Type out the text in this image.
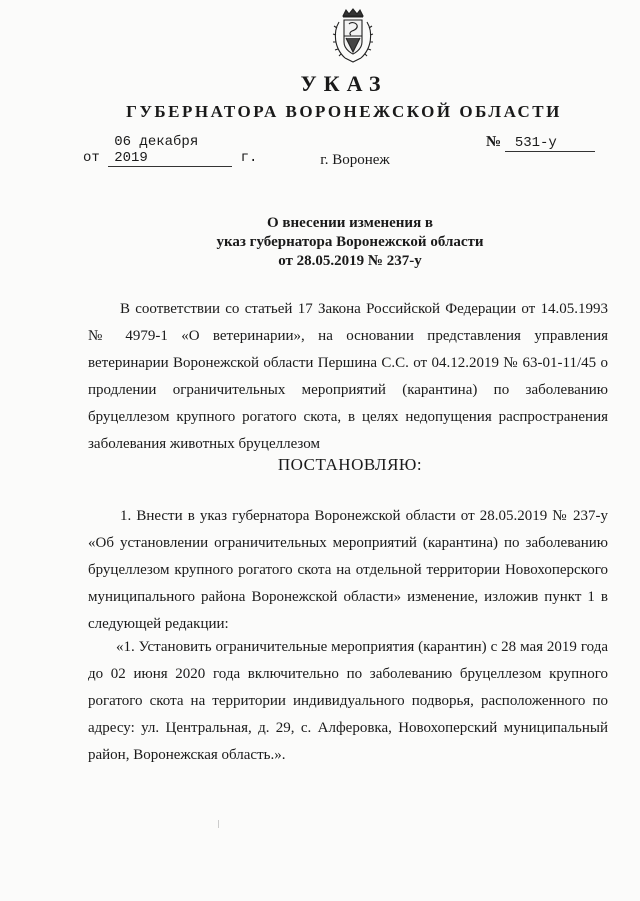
УКАЗ
ГУБЕРНАТОРА ВОРОНЕЖСКОЙ ОБЛАСТИ
от 06 декабря 2019	г.
№ 531-у
г. Воронеж
О внесении изменения в
указ губернатора Воронежской области
от 28.05.2019 № 237-у
В соответствии со статьей 17 Закона Российской Федерации от 14.05.1993 № 4979-1 «О ветеринарии», на основании представления управления ветеринарии Воронежской области Першина С.С. от 04.12.2019 № 63-01-11/45 о продлении ограничительных мероприятий (карантина) по заболеванию бруцеллезом крупного рогатого скота, в целях недопущения распространения заболевания животных бруцеллезом
ПОСТАНОВЛЯЮ:
1. Внести в указ губернатора Воронежской области от 28.05.2019 № 237-у «Об установлении ограничительных мероприятий (карантина) по заболеванию бруцеллезом крупного рогатого скота на отдельной территории Новохоперского муниципального района Воронежской области» изменение, изложив пункт 1 в следующей редакции:
«1. Установить ограничительные мероприятия (карантин) с 28 мая 2019 года до 02 июня 2020 года включительно по заболеванию бруцеллезом крупного рогатого скота на территории индивидуального подворья, расположенного по адресу: ул. Центральная, д. 29, с. Алферовка, Новохоперский муниципальный район, Воронежская область.».
